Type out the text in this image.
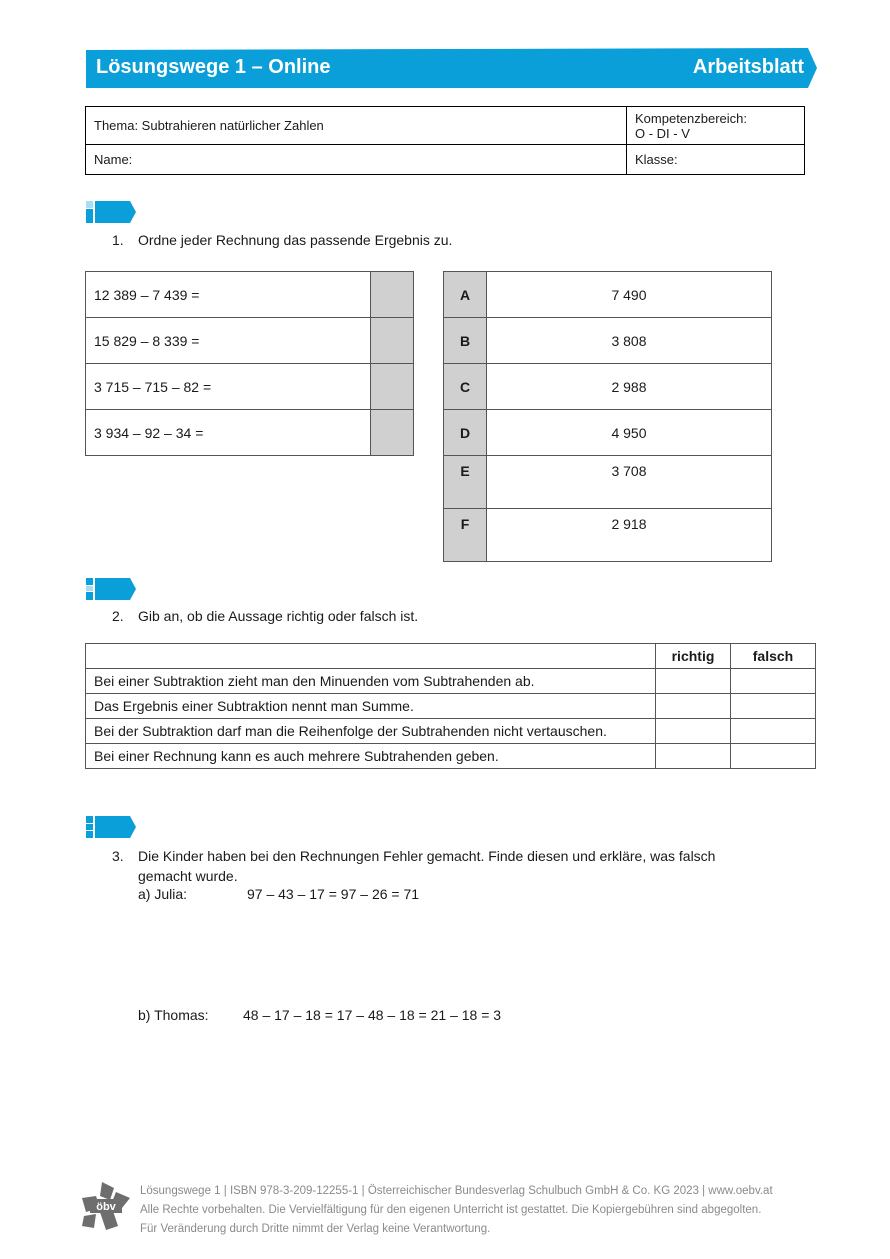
Lösungswege 1 – Online	Arbeitsblatt
Thema: Subtrahieren natürlicher Zahlen	Kompetenzbereich:
O - DI - V

Name:	Klasse:
1. Ordne jeder Rechnung das passende Ergebnis zu.
12 389 – 7 439 =	
15 829 – 8 339 =	
3 715 – 715 – 82 =	
3 934 – 92 – 34 =	
A	7 490
B	3 808
C	2 988
D	4 950
E	3 708
F	2 918
2. Gib an, ob die Aussage richtig oder falsch ist.
	richtig	falsch
Bei einer Subtraktion zieht man den Minuenden vom Subtrahenden ab.		
Das Ergebnis einer Subtraktion nennt man Summe.		
Bei der Subtraktion darf man die Reihenfolge der Subtrahenden nicht vertauschen.		
Bei einer Rechnung kann es auch mehrere Subtrahenden geben.		
3. Die Kinder haben bei den Rechnungen Fehler gemacht. Finde diesen und erkläre, was falsch
gemacht wurde.
a) Julia:	97 – 43 – 17 = 97 – 26 = 71
b) Thomas: 48 – 17 – 18 = 17 – 48 – 18 = 21 – 18 = 3
öbv
Lösungswege 1 | ISBN 978-3-209-12255-1 | Österreichischer Bundesverlag Schulbuch GmbH & Co. KG 2023 | www.oebv.at
Alle Rechte vorbehalten. Die Vervielfältigung für den eigenen Unterricht ist gestattet. Die Kopiergebühren sind abgegolten.
Für Veränderung durch Dritte nimmt der Verlag keine Verantwortung.
